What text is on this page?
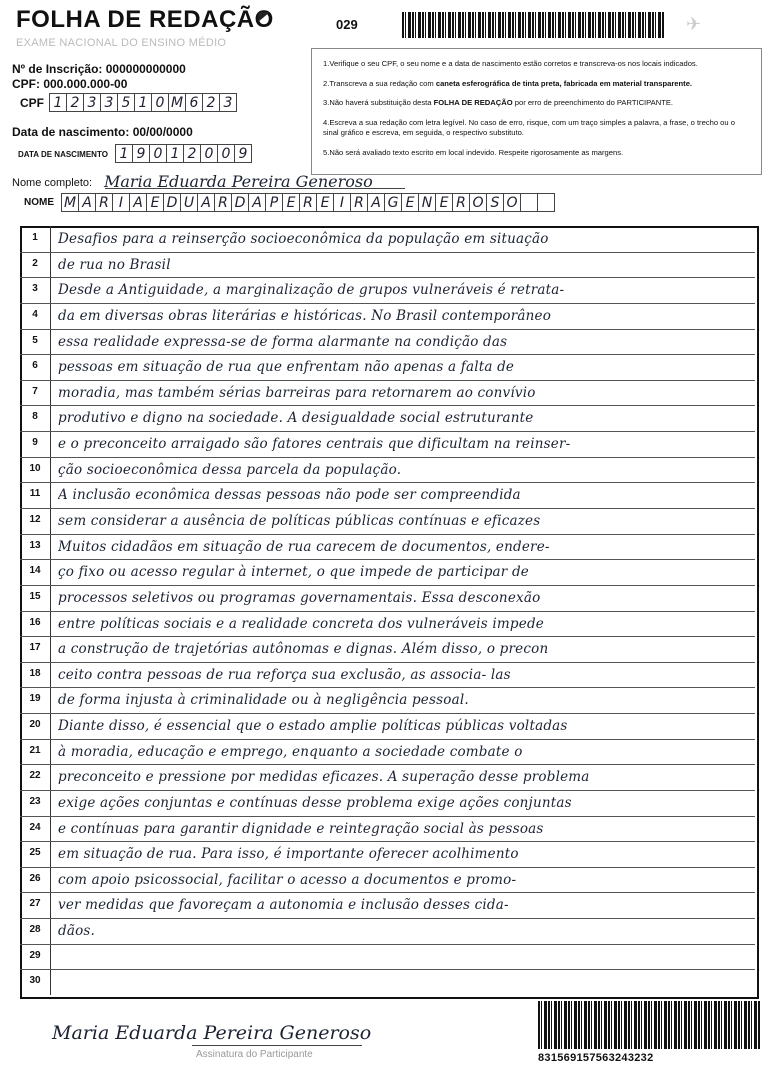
FOLHA DE REDAÇÃO
EXAME NACIONAL DO ENSINO MÉDIO
029	✈
Nº de Inscrição: 000000000000
CPF: 000.000.000-00
CPF 1 2 3 3 5 1 0 M 6 2 3
Data de nascimento: 00/00/0000
DATA DE NASCIMENTO 1 9 0 1 2 0 0 9

1.Verifique o seu CPF, o seu nome e a data de nascimento estão corretos e transcreva-os nos locais indicados.

2.Transcreva a sua redação com caneta esferográfica de tinta preta, fabricada em material transparente.

3.Não haverá substituição desta FOLHA DE REDAÇÃO por erro de preenchimento do PARTICIPANTE.

4.Escreva a sua redação com letra legível. No caso de erro, risque, com um traço simples a palavra, a frase, o trecho ou o sinal gráfico e escreva, em seguida, o respectivo substituto.

5.Não será avaliado texto escrito em local indevido. Respeite rigorosamente as margens.

Nome completo: Maria Eduarda Pereira Generoso
NOME M A R I A E D U A R D A P E R E I R A G E N E R O S O
1
2
3
4
5
6
7
8
9
10
11
12
13
14
15
16
17
18
19
20
21
22
23
24
25
26
27
28
29
30
Desafios para a reinserção socioeconômica da população em situação
de rua no Brasil
Desde a Antiguidade, a marginalização de grupos vulneráveis é retrata-
da em diversas obras literárias e históricas. No Brasil contemporâneo
essa realidade expressa-se de forma alarmante na condição das
pessoas em situação de rua que enfrentam não apenas a falta de
moradia, mas também sérias barreiras para retornarem ao convívio
produtivo e digno na sociedade. A desigualdade social estruturante
e o preconceito arraigado são fatores centrais que dificultam na reinser-
ção socioeconômica dessa parcela da população.
A inclusão econômica dessas pessoas não pode ser compreendida
sem considerar a ausência de políticas públicas contínuas e eficazes
Muitos cidadãos em situação de rua carecem de documentos, endere-
ço fixo ou acesso regular à internet, o que impede de participar de
processos seletivos ou programas governamentais. Essa desconexão
entre políticas sociais e a realidade concreta dos vulneráveis impede
a construção de trajetórias autônomas e dignas. Além disso, o precon
ceito contra pessoas de rua reforça sua exclusão, as associa- las
de forma injusta à criminalidade ou à negligência pessoal.
Diante disso, é essencial que o estado amplie políticas públicas voltadas
à moradia, educação e emprego, enquanto a sociedade combate o
preconceito e pressione por medidas eficazes. A superação desse problema
exige ações conjuntas e contínuas desse problema exige ações conjuntas
e contínuas para garantir dignidade e reintegração social às pessoas
em situação de rua. Para isso, é importante oferecer acolhimento
com apoio psicossocial, facilitar o acesso a documentos e promo-
ver medidas que favoreçam a autonomia e inclusão desses cida-
dãos.
Maria Eduarda Pereira Generoso
Assinatura do Participante	831569157563243232
